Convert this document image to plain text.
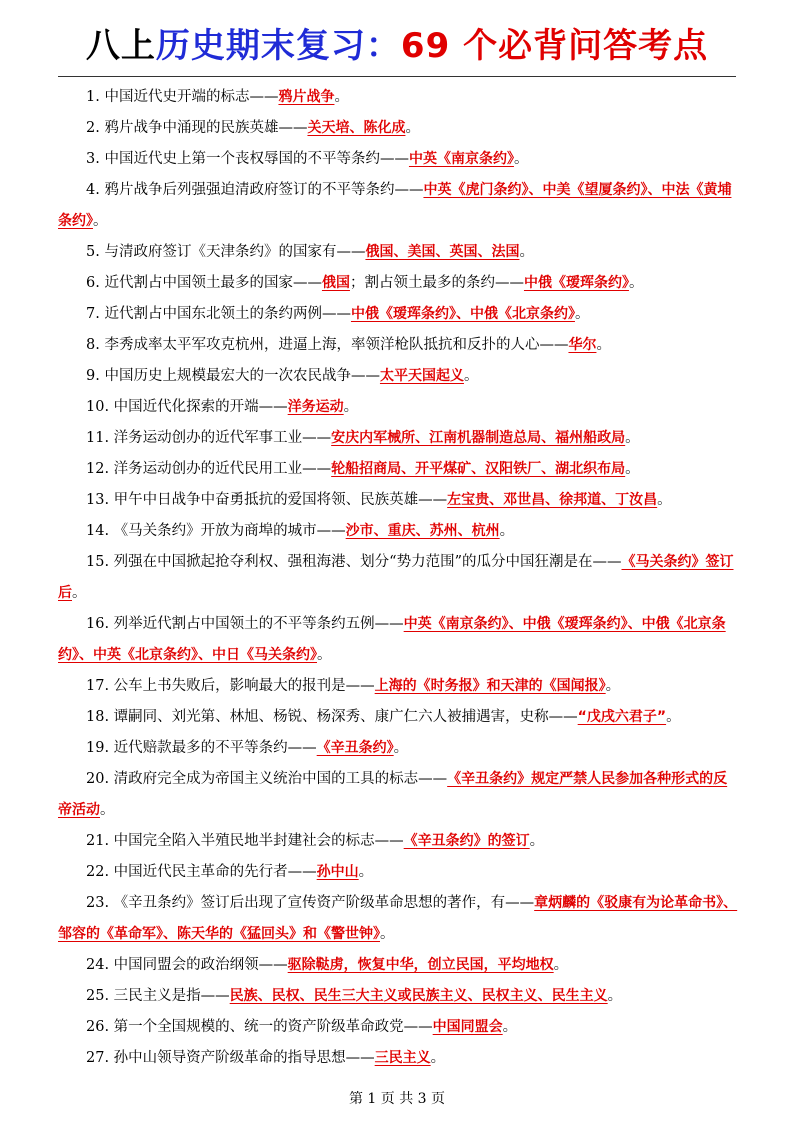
八上历史期末复习：69 个必背问答考点
1. 中国近代史开端的标志——鸦片战争。
2. 鸦片战争中涌现的民族英雄——关天培、陈化成。
3. 中国近代史上第一个丧权辱国的不平等条约——中英《南京条约》。
4. 鸦片战争后列强强迫清政府签订的不平等条约——中英《虎门条约》、中美《望厦条约》、中法《黄埔条约》。
5. 与清政府签订《天津条约》的国家有——俄国、美国、英国、法国。
6. 近代割占中国领土最多的国家——俄国；割占领土最多的条约——中俄《瑷珲条约》。
7. 近代割占中国东北领土的条约两例——中俄《瑷珲条约》、中俄《北京条约》。
8. 李秀成率太平军攻克杭州，进逼上海，率领洋枪队抵抗和反扑的人心——华尔。
9. 中国历史上规模最宏大的一次农民战争——太平天国起义。
10. 中国近代化探索的开端——洋务运动。
11. 洋务运动创办的近代军事工业——安庆内军械所、江南机器制造总局、福州船政局。
12. 洋务运动创办的近代民用工业——轮船招商局、开平煤矿、汉阳铁厂、湖北织布局。
13. 甲午中日战争中奋勇抵抗的爱国将领、民族英雄——左宝贵、邓世昌、徐邦道、丁汝昌。
14. 《马关条约》开放为商埠的城市——沙市、重庆、苏州、杭州。
15. 列强在中国掀起抢夺利权、强租海港、划分“势力范围”的瓜分中国狂潮是在——《马关条约》签订后。
16. 列举近代割占中国领土的不平等条约五例——中英《南京条约》、中俄《瑷珲条约》、中俄《北京条约》、中英《北京条约》、中日《马关条约》。
17. 公车上书失败后，影响最大的报刊是——上海的《时务报》和天津的《国闻报》。
18. 谭嗣同、刘光第、林旭、杨锐、杨深秀、康广仁六人被捕遇害，史称——“戊戌六君子”。
19. 近代赔款最多的不平等条约——《辛丑条约》。
20. 清政府完全成为帝国主义统治中国的工具的标志——《辛丑条约》规定严禁人民参加各种形式的反帝活动。
21. 中国完全陷入半殖民地半封建社会的标志——《辛丑条约》的签订。
22. 中国近代民主革命的先行者——孙中山。
23. 《辛丑条约》签订后出现了宣传资产阶级革命思想的著作，有——章炳麟的《驳康有为论革命书》、邹容的《革命军》、陈天华的《猛回头》和《警世钟》。
24. 中国同盟会的政治纲领——驱除鞑虏，恢复中华，创立民国，平均地权。
25. 三民主义是指——民族、民权、民生三大主义或民族主义、民权主义、民生主义。
26. 第一个全国规模的、统一的资产阶级革命政党——中国同盟会。
27. 孙中山领导资产阶级革命的指导思想——三民主义。
第 1 页 共 3 页
